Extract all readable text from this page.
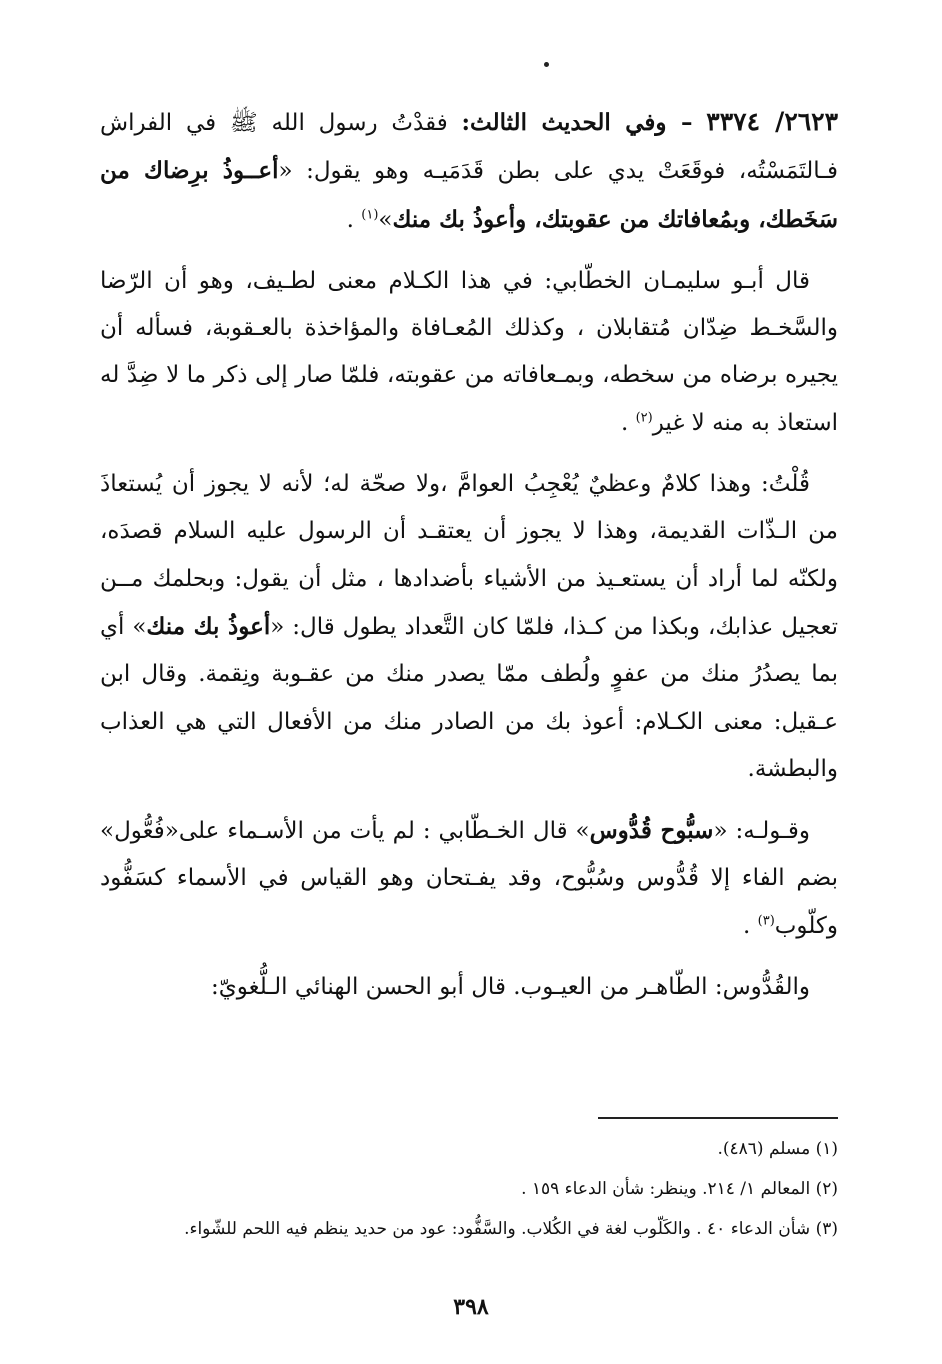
٢٦٢٣/ ٣٣٧٤ – وفي الحديث الثالث: فقدْتُ رسول الله ﷺ في الفراش فـالتَمَسْتُه، فوقَعَتْ يدي على بطن قَدَمَيـه وهو يقول: «أعــوذُ برِضاك من سَخَطك، وبمُعافاتك من عقوبتك، وأعوذُ بك منك»$^{(١)}$ .

قال أبـو سليمـان الخطّابي: في هذا الكـلام معنى لطـيف، وهو أن الرّضا والسَّخـط ضِدّان مُتقابلان ، وكذلك المُعـافاة والمؤاخذة بالعـقوبة، فسأله أن يجيره برضاه من سخطه، وبمـعافاته من عقوبته، فلمّا صار إلى ذكر ما لا ضِدَّ له استعاذ به منه لا غير$^{(٢)}$ .

قُلْتُ: وهذا كلامٌ وعظيٌ يُعْجِبُ العوامَّ ،ولا صحّة له؛ لأنه لا يجوز أن يُستعاذَ من الـذّات القديمة، وهذا لا يجوز أن يعتقـد أن الرسول عليه السلام قصدَه، ولكنّه لما أراد أن يستعـيذ من الأشياء بأضدادها ، مثل أن يقول: وبحلمك مــن تعجيل عذابك، وبكذا من كـذا، فلمّا كان التَّعداد يطول قال: «أعوذُ بك منك» أي بما يصدُرُ منك من عفوٍ ولُطف ممّا يصدر منك من عقـوبة ونِقمة. وقال ابن عـقيل: معنى الكـلام: أعوذ بك من الصادر منك من الأفعال التي هي العذاب والبطشة.

وقـولـه: «سبُّوح قُدُّوس» قال الخـطّابي : لم يأت من الأسـماء على«فُعُّول» بضم الفاء إلا قُدُّوس وسُبُّوح، وقد يفـتحان وهو القياس في الأسماء كسَفُّود وكلّوب$^{(٣)}$ .

والقُدُّوس: الطّاهـر من العيـوب. قال أبو الحسن الهنائي الـلُّغويّ:

(١) مسلم (٤٨٦).

(٢) المعالم ١/ ٢١٤. وينظر: شأن الدعاء ١٥٩ .

(٣) شأن الدعاء ٤٠ . والكَلّوب لغة في الكُلاب. والسَّفُّود: عود من حديد ينظم فيه اللحم للشّواء.

٣٩٨
